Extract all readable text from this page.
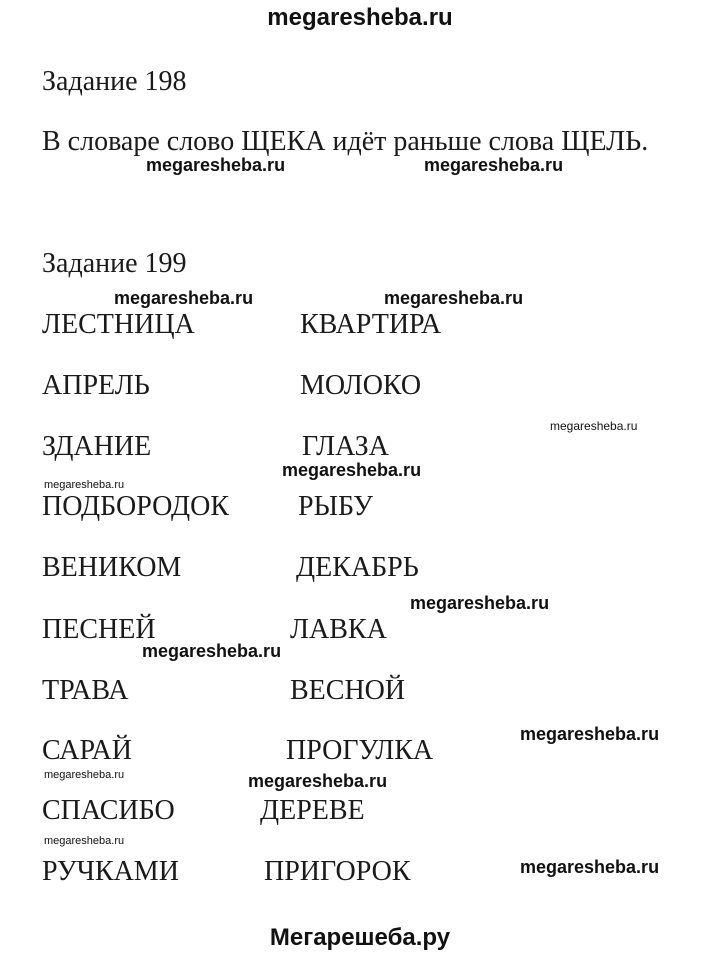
megaresheba.ru
Мегарешеба.ру
Задание 198
В словаре слово ЩЕКА идёт раньше слова ЩЕЛЬ.
Задание 199
ЛЕСТНИЦА	КВАРТИРА
АПРЕЛЬ	МОЛОКО
ЗДАНИЕ	ГЛАЗА
ПОДБОРОДОК РЫБУ
ВЕНИКОМ	ДЕКАБРЬ
ПЕСНЕЙ	ЛАВКА
ТРАВА	ВЕСНОЙ
САРАЙ	ПРОГУЛКА
СПАСИБО	ДЕРЕВЕ
РУЧКАМИ	ПРИГОРОК
megaresheba.ru	megaresheba.ru
megaresheba.ru	megaresheba.ru
megaresheba.ru
megaresheba.ru
megaresheba.ru
megaresheba.ru
megaresheba.ru
megaresheba.ru
megaresheba.ru	megaresheba.ru
megaresheba.ru
megaresheba.ru
